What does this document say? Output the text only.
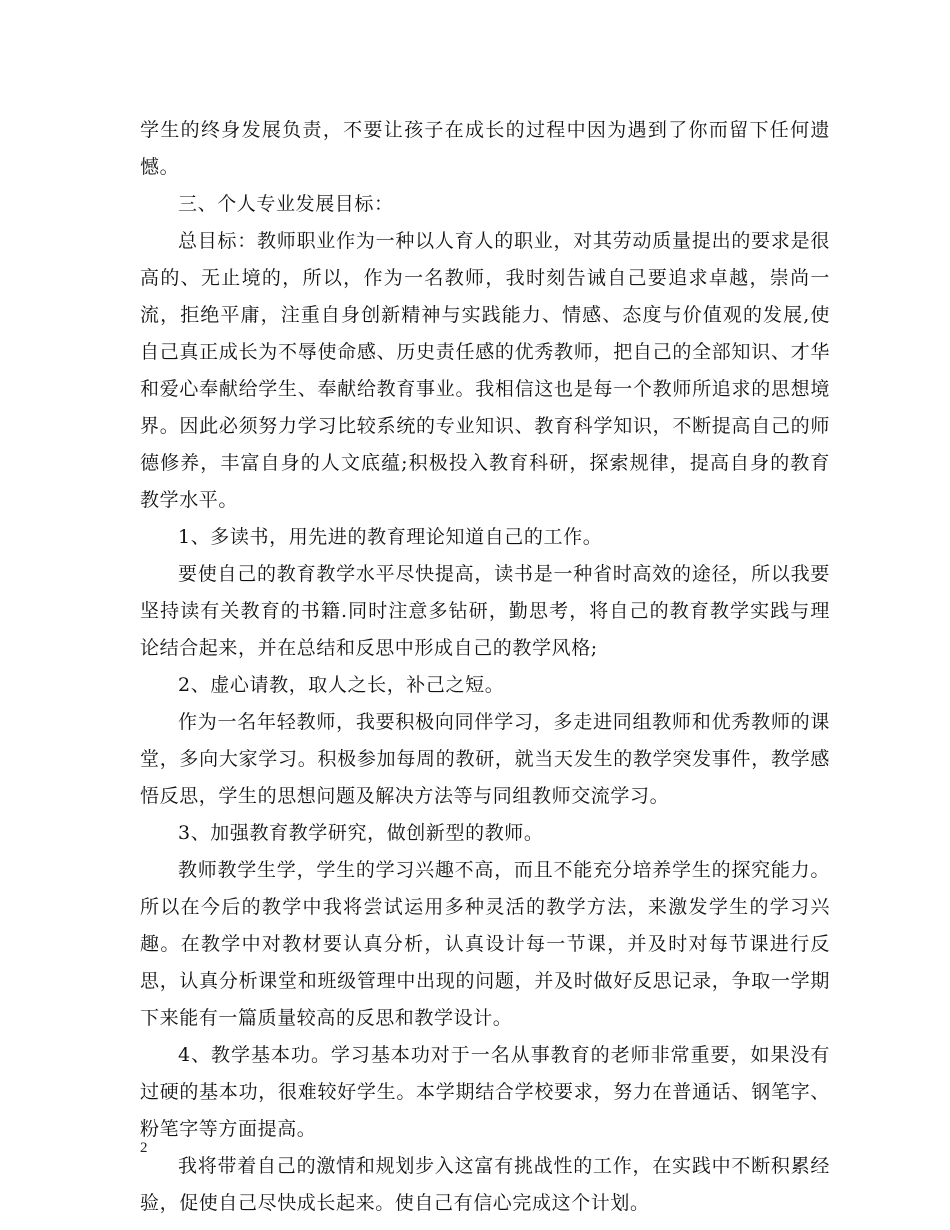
学生的终身发展负责，不要让孩子在成长的过程中因为遇到了你而留下任何遗憾。

三、个人专业发展目标：

总目标：教师职业作为一种以人育人的职业，对其劳动质量提出的要求是很高的、无止境的，所以，作为一名教师，我时刻告诫自己要追求卓越，崇尚一流，拒绝平庸，注重自身创新精神与实践能力、情感、态度与价值观的发展,使自己真正成长为不辱使命感、历史责任感的优秀教师，把自己的全部知识、才华和爱心奉献给学生、奉献给教育事业。我相信这也是每一个教师所追求的思想境界。因此必须努力学习比较系统的专业知识、教育科学知识，不断提高自己的师德修养，丰富自身的人文底蕴;积极投入教育科研，探索规律，提高自身的教育教学水平。

1、多读书，用先进的教育理论知道自己的工作。

要使自己的教育教学水平尽快提高，读书是一种省时高效的途径，所以我要坚持读有关教育的书籍.同时注意多钻研，勤思考，将自己的教育教学实践与理论结合起来，并在总结和反思中形成自己的教学风格;

2、虚心请教，取人之长，补己之短。

作为一名年轻教师，我要积极向同伴学习，多走进同组教师和优秀教师的课堂，多向大家学习。积极参加每周的教研，就当天发生的教学突发事件，教学感悟反思，学生的思想问题及解决方法等与同组教师交流学习。

3、加强教育教学研究，做创新型的教师。

教师教学生学，学生的学习兴趣不高，而且不能充分培养学生的探究能力。所以在今后的教学中我将尝试运用多种灵活的教学方法，来激发学生的学习兴趣。在教学中对教材要认真分析，认真设计每一节课，并及时对每节课进行反思，认真分析课堂和班级管理中出现的问题，并及时做好反思记录，争取一学期下来能有一篇质量较高的反思和教学设计。

4、教学基本功。学习基本功对于一名从事教育的老师非常重要，如果没有过硬的基本功，很难较好学生。本学期结合学校要求，努力在普通话、钢笔字、粉笔字等方面提高。

我将带着自己的激情和规划步入这富有挑战性的工作，在实践中不断积累经验，促使自己尽快成长起来。使自己有信心完成这个计划。

2
